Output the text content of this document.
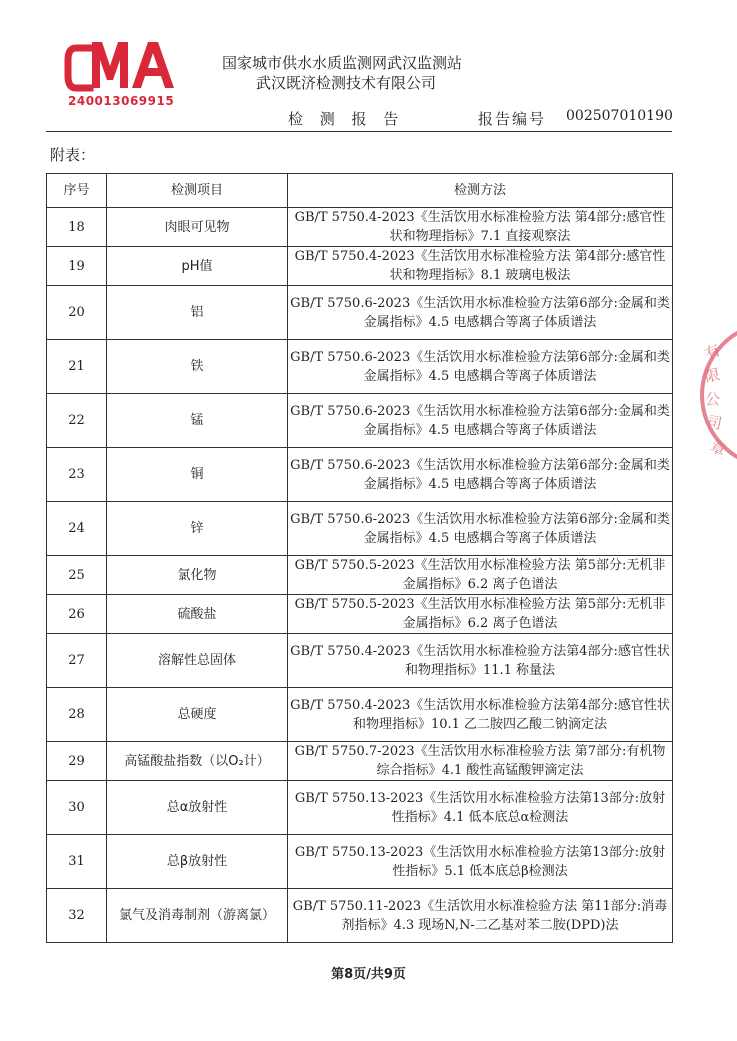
240013069915
国家城市供水水质监测网武汉监测站
武汉既济检测技术有限公司
检 测 报 告	报告编号 002507010190
附表：
序号	检测项目	检测方法
18	肉眼可见物	GB/T 5750.4-2023《生活饮用水标准检验方法 第4部分:感官性状和物理指标》7.1 直接观察法
19	pH值	GB/T 5750.4-2023《生活饮用水标准检验方法 第4部分:感官性状和物理指标》8.1 玻璃电极法
20	铝	GB/T 5750.6-2023《生活饮用水标准检验方法第6部分:金属和类金属指标》4.5 电感耦合等离子体质谱法
21	铁	GB/T 5750.6-2023《生活饮用水标准检验方法第6部分:金属和类金属指标》4.5 电感耦合等离子体质谱法
22	锰	GB/T 5750.6-2023《生活饮用水标准检验方法第6部分:金属和类金属指标》4.5 电感耦合等离子体质谱法
23	铜	GB/T 5750.6-2023《生活饮用水标准检验方法第6部分:金属和类金属指标》4.5 电感耦合等离子体质谱法
24	锌	GB/T 5750.6-2023《生活饮用水标准检验方法第6部分:金属和类金属指标》4.5 电感耦合等离子体质谱法
25	氯化物	GB/T 5750.5-2023《生活饮用水标准检验方法 第5部分:无机非金属指标》6.2 离子色谱法
26	硫酸盐	GB/T 5750.5-2023《生活饮用水标准检验方法 第5部分:无机非金属指标》6.2 离子色谱法
27	溶解性总固体	GB/T 5750.4-2023《生活饮用水标准检验方法第4部分:感官性状和物理指标》11.1 称量法
28	总硬度	GB/T 5750.4-2023《生活饮用水标准检验方法第4部分:感官性状和物理指标》10.1 乙二胺四乙酸二钠滴定法
29	高锰酸盐指数（以O₂计）	GB/T 5750.7-2023《生活饮用水标准检验方法 第7部分:有机物综合指标》4.1 酸性高锰酸钾滴定法
30	总α放射性	GB/T 5750.13-2023《生活饮用水标准检验方法第13部分:放射性指标》4.1 低本底总α检测法
31	总β放射性	GB/T 5750.13-2023《生活饮用水标准检验方法第13部分:放射性指标》5.1 低本底总β检测法
32	氯气及消毒制剂（游离氯）	GB/T 5750.11-2023《生活饮用水标准检验方法 第11部分:消毒剂指标》4.3 现场N,N-二乙基对苯二胺(DPD)法
有
限
公
司
章
第8页/共9页
